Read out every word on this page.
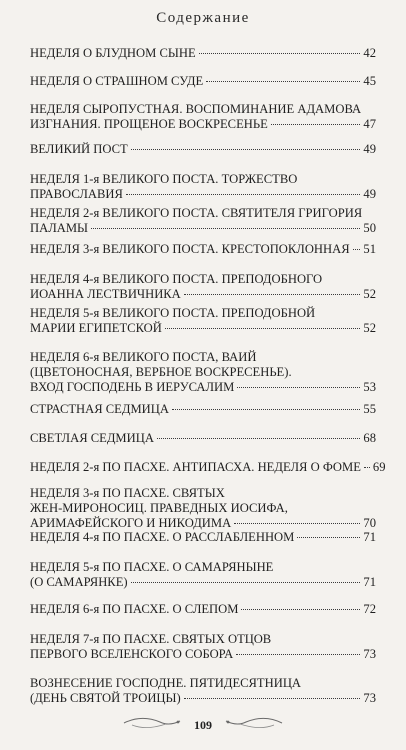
Содержание
НЕДЕЛЯ О БЛУДНОМ СЫНЕ	42
НЕДЕЛЯ О СТРАШНОМ СУДЕ	45
НЕДЕЛЯ СЫРОПУСТНАЯ. ВОСПОМИНАНИЕ АДАМОВА
ИЗГНАНИЯ. ПРОЩЕНОЕ ВОСКРЕСЕНЬЕ	47
ВЕЛИКИЙ ПОСТ	49
НЕДЕЛЯ 1-я ВЕЛИКОГО ПОСТА. ТОРЖЕСТВО
ПРАВОСЛАВИЯ	49
НЕДЕЛЯ 2-я ВЕЛИКОГО ПОСТА. СВЯТИТЕЛЯ ГРИГОРИЯ
ПАЛАМЫ	50
НЕДЕЛЯ 3-я ВЕЛИКОГО ПОСТА. КРЕСТОПОКЛОННАЯ 51
НЕДЕЛЯ 4-я ВЕЛИКОГО ПОСТА. ПРЕПОДОБНОГО
ИОАННА ЛЕСТВИЧНИКА	52
НЕДЕЛЯ 5-я ВЕЛИКОГО ПОСТА. ПРЕПОДОБНОЙ
МАРИИ ЕГИПЕТСКОЙ	52
НЕДЕЛЯ 6-я ВЕЛИКОГО ПОСТА, ВАИЙ
(ЦВЕТОНОСНАЯ, ВЕРБНОЕ ВОСКРЕСЕНЬЕ).
ВХОД ГОСПОДЕНЬ В ИЕРУСАЛИМ	53
СТРАСТНАЯ СЕДМИЦА	55
СВЕТЛАЯ СЕДМИЦА	68
НЕДЕЛЯ 2-я ПО ПАСХЕ. АНТИПАСХА. НЕДЕЛЯ О ФОМЕ 69
НЕДЕЛЯ 3-я ПО ПАСХЕ. СВЯТЫХ
ЖЕН-МИРОНОСИЦ. ПРАВЕДНЫХ ИОСИФА,
АРИМАФЕЙСКОГО И НИКОДИМА	70
НЕДЕЛЯ 4-я ПО ПАСХЕ. О РАССЛАБЛЕННОМ	71
НЕДЕЛЯ 5-я ПО ПАСХЕ. О САМАРЯНЫНЕ
(О САМАРЯНКЕ)	71
НЕДЕЛЯ 6-я ПО ПАСХЕ. О СЛЕПОМ	72
НЕДЕЛЯ 7-я ПО ПАСХЕ. СВЯТЫХ ОТЦОВ
ПЕРВОГО ВСЕЛЕНСКОГО СОБОРА	73
ВОЗНЕСЕНИЕ ГОСПОДНЕ. ПЯТИДЕСЯТНИЦА
(ДЕНЬ СВЯТОЙ ТРОИЦЫ)	73
109
